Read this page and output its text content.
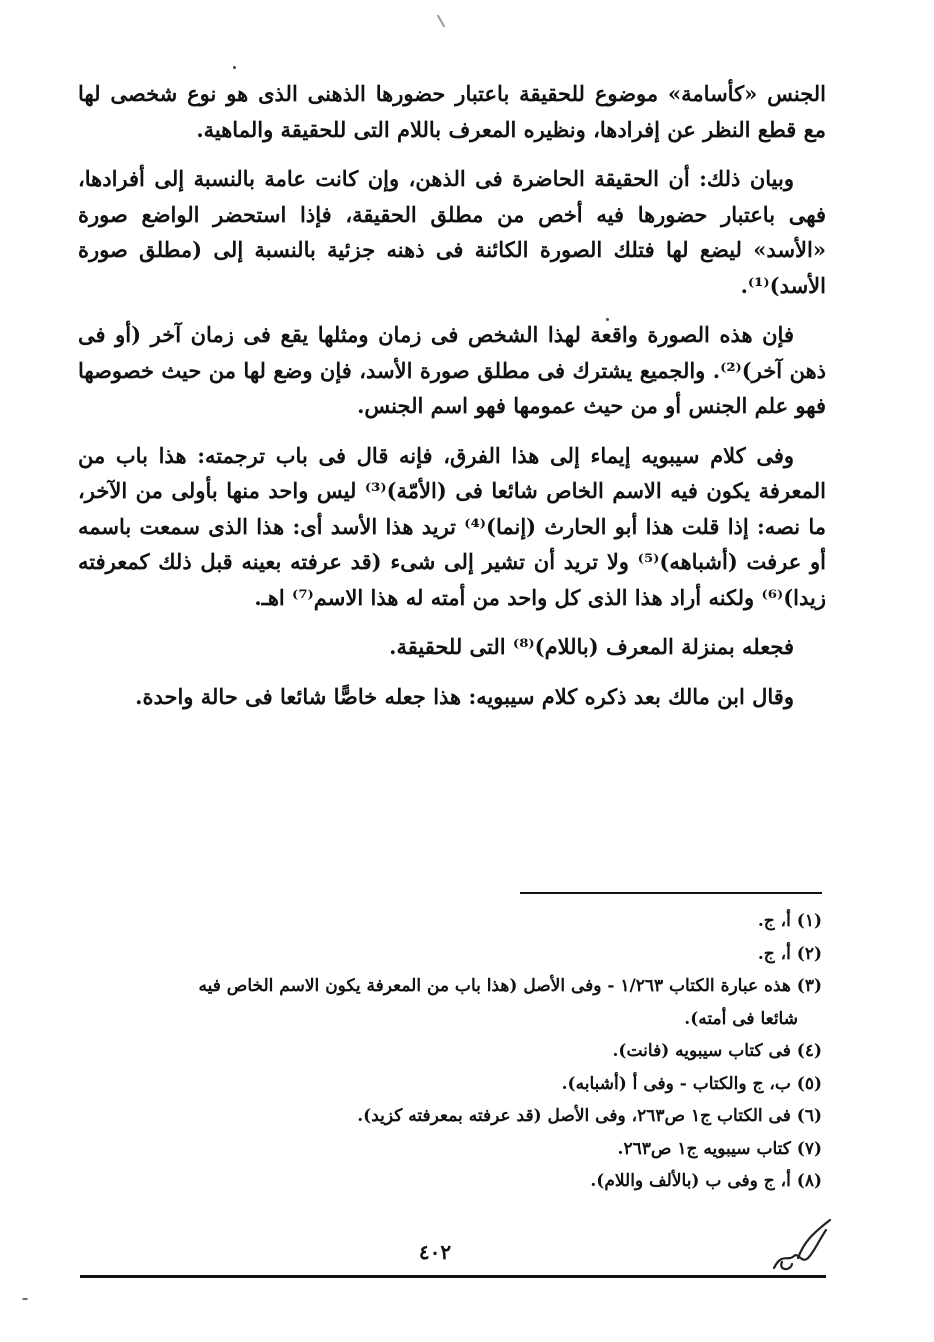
الجنس «كأسامة» موضوع للحقيقة باعتبار حضورها الذهنى الذى هو نوع شخصى لها مع قطع النظر عن إفرادها، ونظيره المعرف باللام التى للحقيقة والماهية.

وبيان ذلك: أن الحقيقة الحاضرة فى الذهن، وإن كانت عامة بالنسبة إلى أفرادها، فهى باعتبار حضورها فيه أخص من مطلق الحقيقة، فإذا استحضر الواضع صورة «الأسد» ليضع لها فتلك الصورة الكائنة فى ذهنه جزئية بالنسبة إلى (مطلق صورة الأسد)⁽¹⁾.

فإن هذه الصورة واقعة لهذا الشخص فى زمان ومثلها يقع فى زمان آخر (أو فى ذهن آخر)⁽²⁾. والجميع يشترك فى مطلق صورة الأسد، فإن وضع لها من حيث خصوصها فهو علم الجنس أو من حيث عمومها فهو اسم الجنس.

وفى كلام سيبويه إيماء إلى هذا الفرق، فإنه قال فى باب ترجمته: هذا باب من المعرفة يكون فيه الاسم الخاص شائعا فى (الأمّة)⁽³⁾ ليس واحد منها بأولى من الآخر، ما نصه: إذا قلت هذا أبو الحارث (إنما)⁽⁴⁾ تريد هذا الأسد أى: هذا الذى سمعت باسمه أو عرفت (أشباهه)⁽⁵⁾ ولا تريد أن تشير إلى شىء (قد عرفته بعينه قبل ذلك كمعرفته زيدا)⁽⁶⁾ ولكنه أراد هذا الذى كل واحد من أمته له هذا الاسم⁽⁷⁾ اهـ.

فجعله بمنزلة المعرف (باللام)⁽⁸⁾ التى للحقيقة.

وقال ابن مالك بعد ذكره كلام سيبويه: هذا جعله خاصًّا شائعا فى حالة واحدة.

(١) أ، ج.

(٢) أ، ج.

(٣) هذه عبارة الكتاب ١/٢٦٣ - وفى الأصل (هذا باب من المعرفة يكون الاسم الخاص فيه

شائعا فى أمته).

(٤) فى كتاب سيبويه (فانت).

(٥) ب، ج والكتاب - وفى أ (أشبابه).

(٦) فى الكتاب ج١ ص٢٦٣، وفى الأصل (قد عرفته بمعرفته كزيد).

(٧) كتاب سيبويه ج١ ص٢٦٣.

(٨) أ، ج وفى ب (بالألف واللام).

٤٠٢
